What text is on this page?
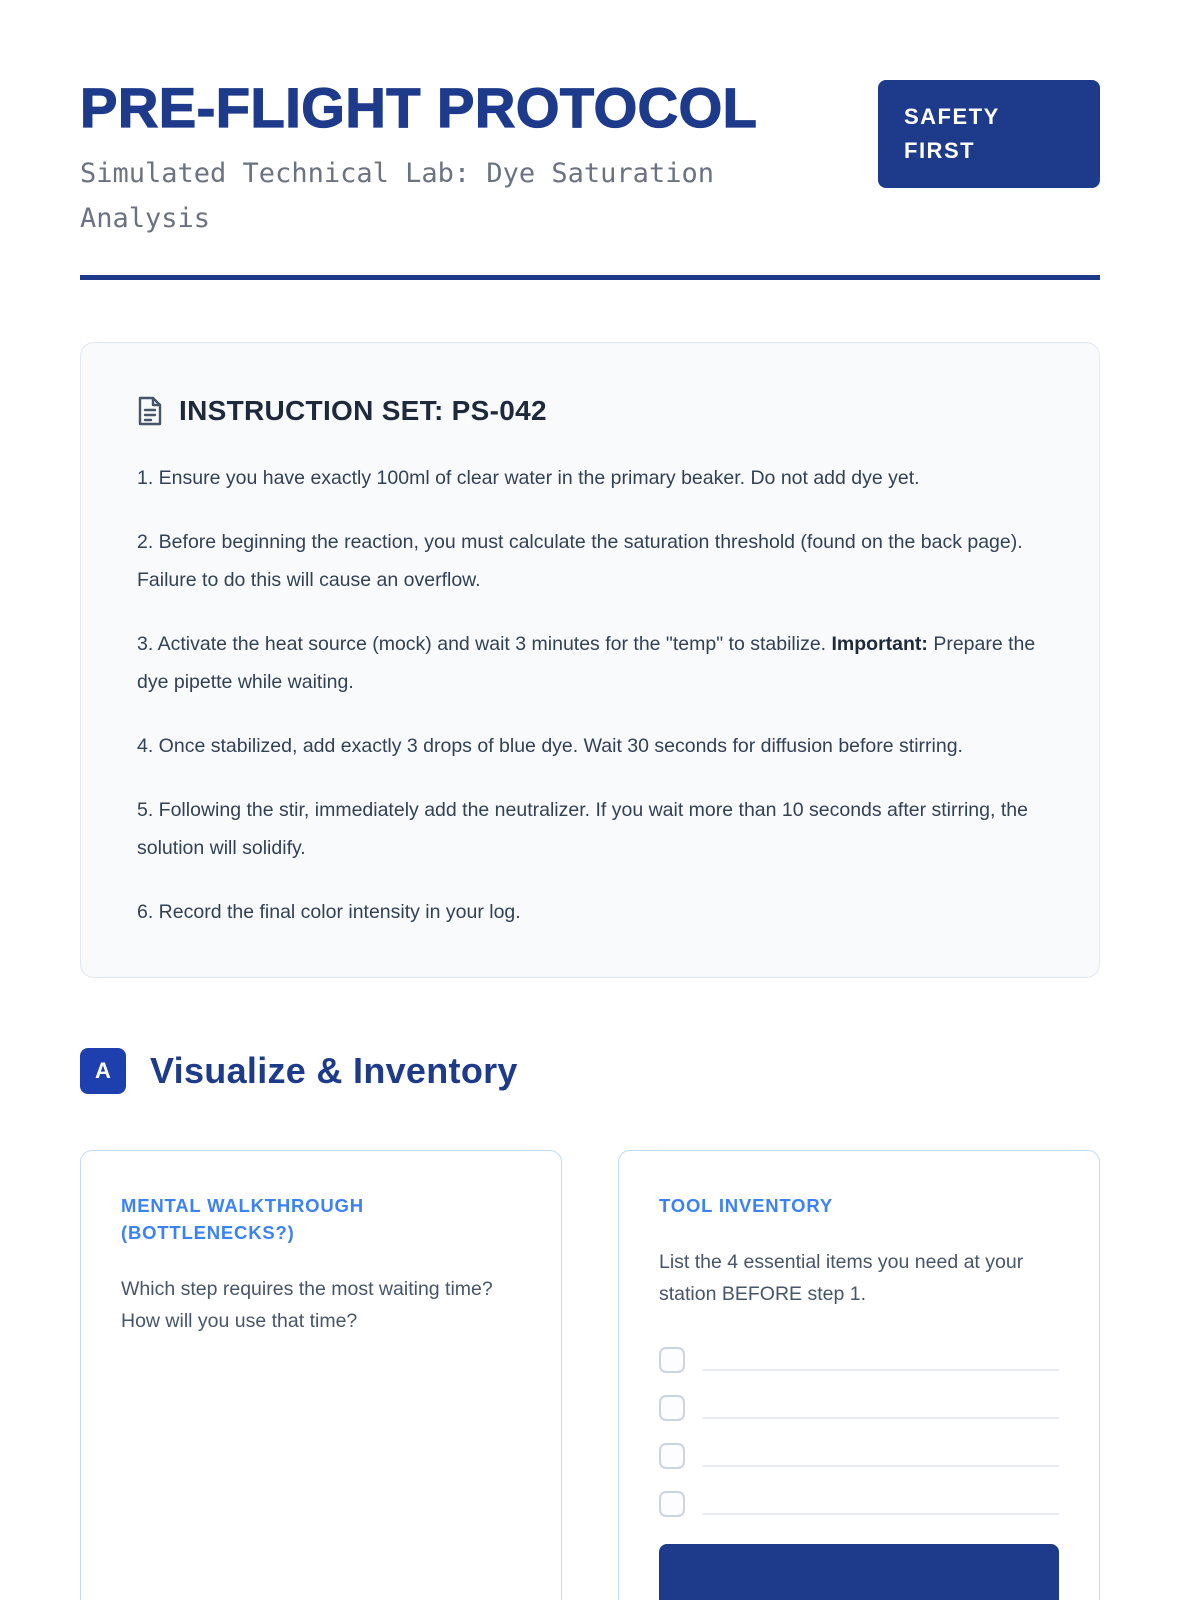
PRE-FLIGHT PROTOCOL
Simulated Technical Lab: Dye Saturation Analysis
SAFETY FIRST
INSTRUCTION SET: PS-042

1. Ensure you have exactly 100ml of clear water in the primary beaker. Do not add dye yet.

2. Before beginning the reaction, you must calculate the saturation threshold (found on the back page). Failure to do this will cause an overflow.

3. Activate the heat source (mock) and wait 3 minutes for the "temp" to stabilize. Important: Prepare the dye pipette while waiting.

4. Once stabilized, add exactly 3 drops of blue dye. Wait 30 seconds for diffusion before stirring.

5. Following the stir, immediately add the neutralizer. If you wait more than 10 seconds after stirring, the solution will solidify.

6. Record the final color intensity in your log.

A	Visualize & Inventory
MENTAL WALKTHROUGH (BOTTLENECKS?)
Which step requires the most waiting time? How will you use that time?
TOOL INVENTORY
List the 4 essential items you need at your station BEFORE step 1.
